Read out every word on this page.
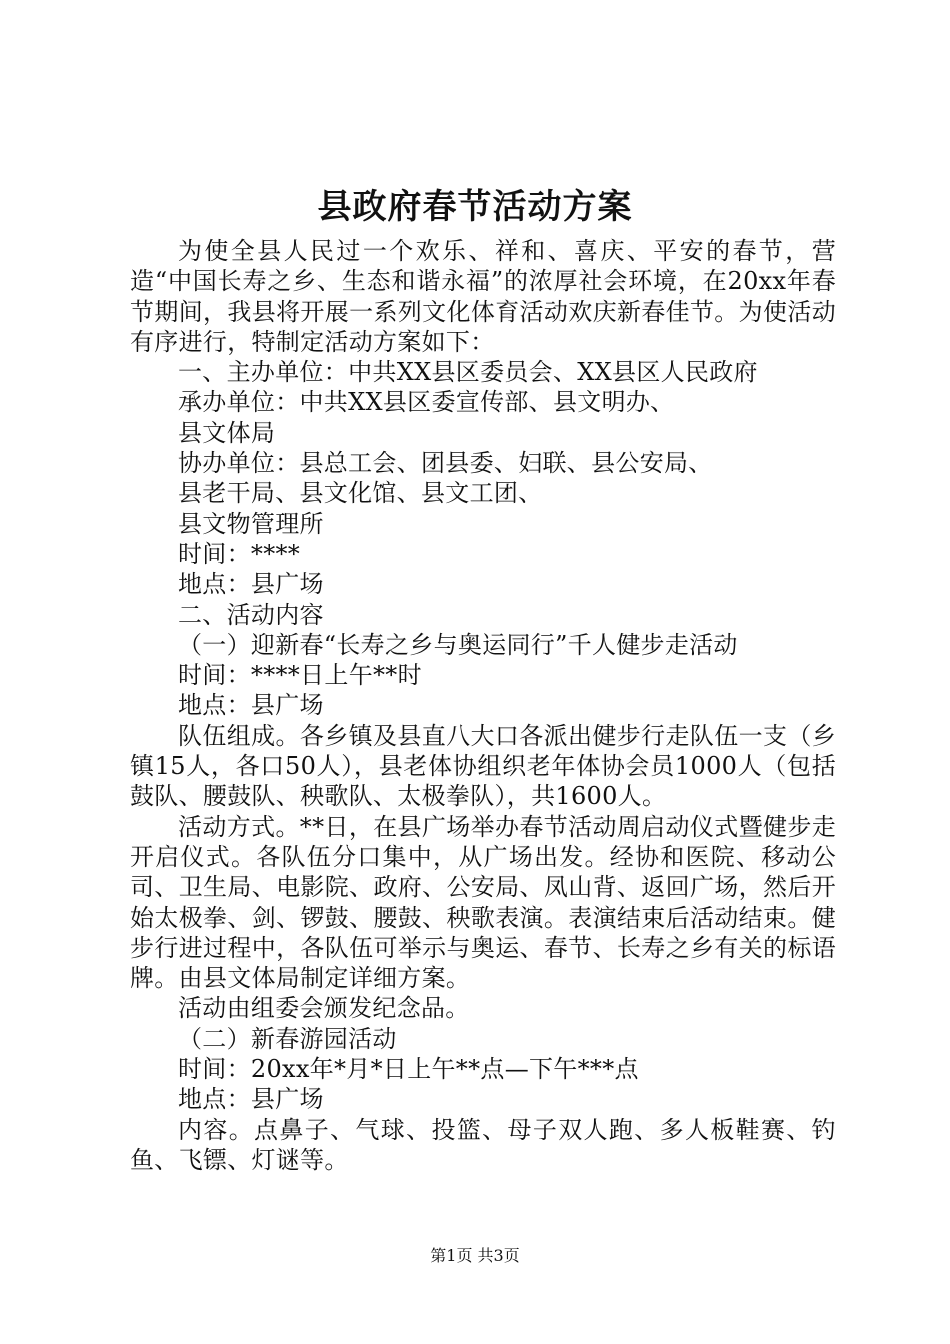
县政府春节活动方案

为使全县人民过一个欢乐、祥和、喜庆、平安的春节，营造“中国长寿之乡、生态和谐永福”的浓厚社会环境，在20xx年春节期间，我县将开展一系列文化体育活动欢庆新春佳节。为使活动有序进行，特制定活动方案如下：

一、主办单位：中共XX县区委员会、XX县区人民政府

承办单位：中共XX县区委宣传部、县文明办、

县文体局

协办单位：县总工会、团县委、妇联、县公安局、

县老干局、县文化馆、县文工团、

县文物管理所

时间：****

地点：县广场

二、活动内容

（一）迎新春“长寿之乡与奥运同行”千人健步走活动

时间：****日上午**时

地点：县广场

队伍组成。各乡镇及县直八大口各派出健步行走队伍一支（乡镇15人，各口50人），县老体协组织老年体协会员1000人（包括鼓队、腰鼓队、秧歌队、太极拳队），共1600人。

活动方式。**日，在县广场举办春节活动周启动仪式暨健步走开启仪式。各队伍分口集中，从广场出发。经协和医院、移动公司、卫生局、电影院、政府、公安局、凤山背、返回广场，然后开始太极拳、剑、锣鼓、腰鼓、秧歌表演。表演结束后活动结束。健步行进过程中，各队伍可举示与奥运、春节、长寿之乡有关的标语牌。由县文体局制定详细方案。

活动由组委会颁发纪念品。

（二）新春游园活动

时间：20xx年*月*日上午**点—下午***点

地点：县广场

内容。点鼻子、气球、投篮、母子双人跑、多人板鞋赛、钓鱼、飞镖、灯谜等。

第1页 共3页
